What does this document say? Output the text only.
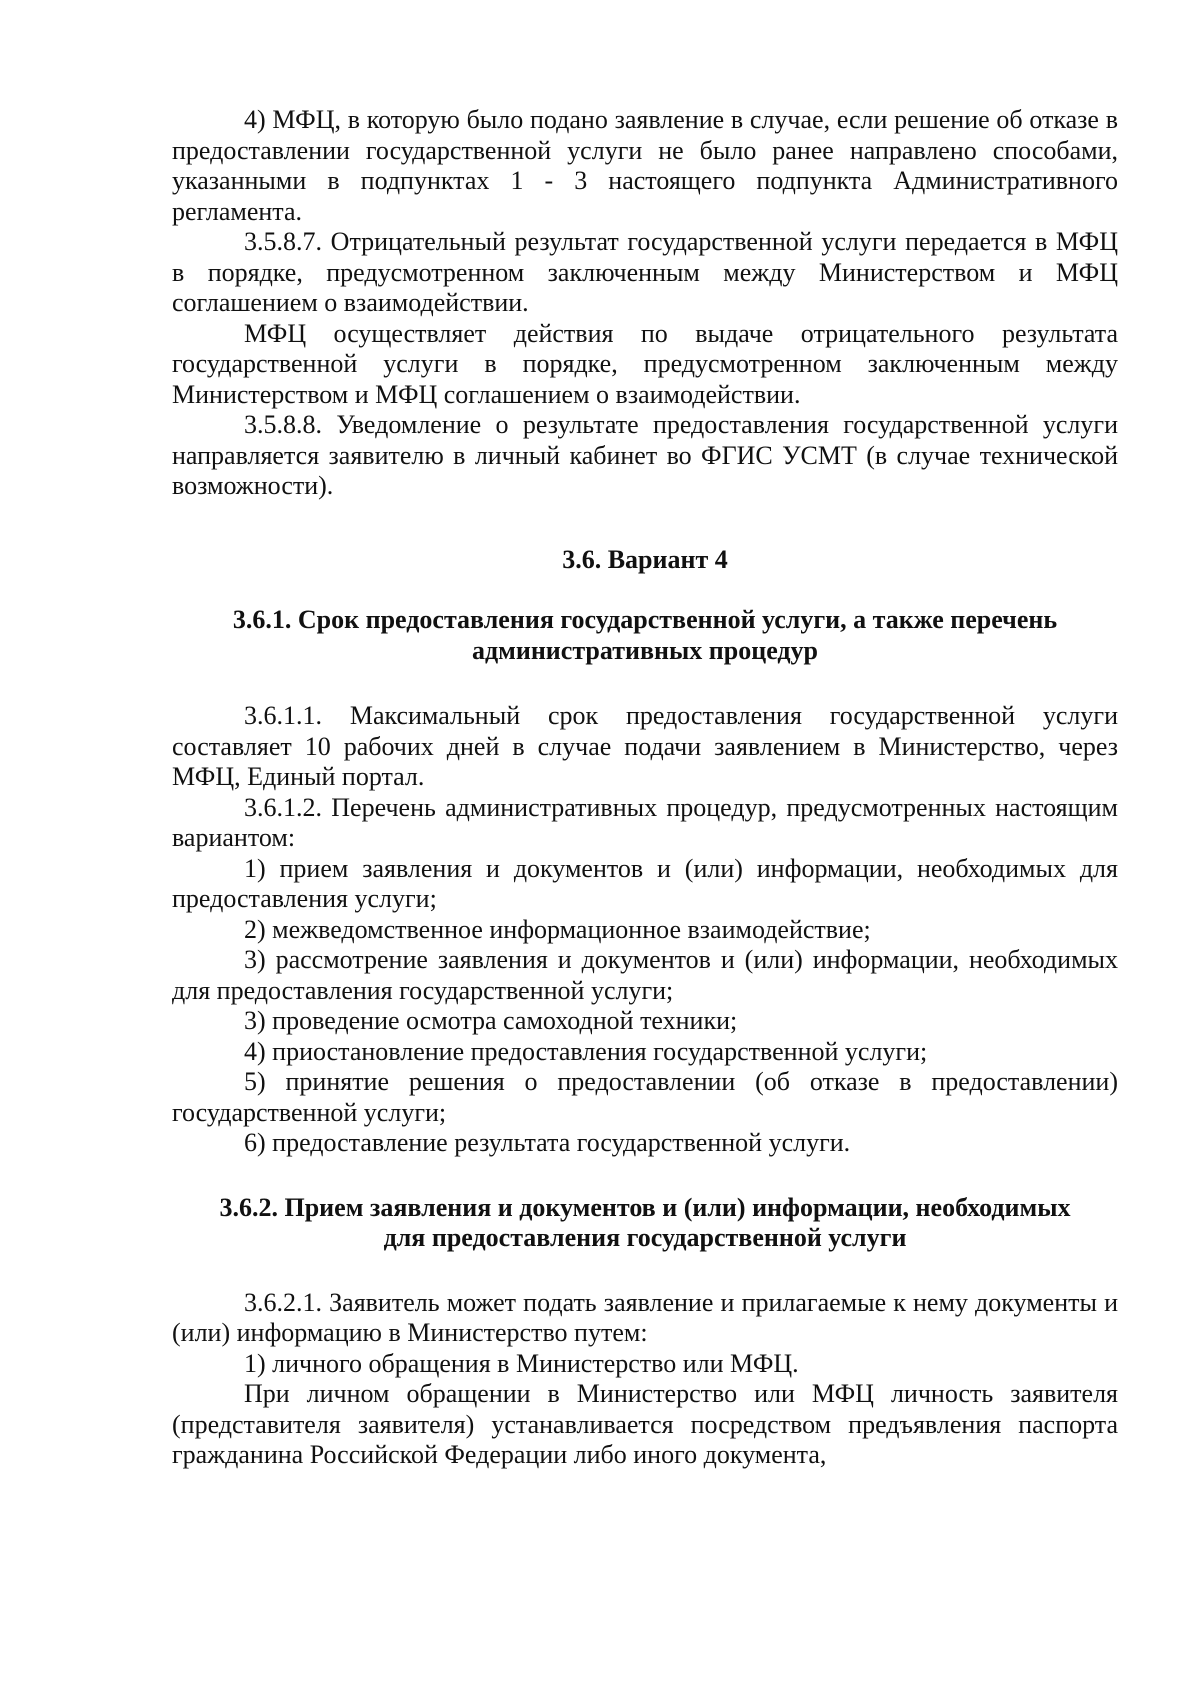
4) МФЦ, в которую было подано заявление в случае, если решение об отказе в предоставлении государственной услуги не было ранее направлено способами, указанными в подпунктах 1 - 3 настоящего подпункта Административного регламента.

3.5.8.7. Отрицательный результат государственной услуги передается в МФЦ в порядке, предусмотренном заключенным между Министерством и МФЦ соглашением о взаимодействии.

МФЦ осуществляет действия по выдаче отрицательного результата государственной услуги в порядке, предусмотренном заключенным между Министерством и МФЦ соглашением о взаимодействии.

3.5.8.8. Уведомление о результате предоставления государственной услуги направляется заявителю в личный кабинет во ФГИС УСМТ (в случае технической возможности).

3.6. Вариант 4

3.6.1. Срок предоставления государственной услуги, а также перечень
административных процедур

3.6.1.1. Максимальный срок предоставления государственной услуги составляет 10 рабочих дней в случае подачи заявлением в Министерство, через МФЦ, Единый портал.

3.6.1.2. Перечень административных процедур, предусмотренных настоящим вариантом:

1) прием заявления и документов и (или) информации, необходимых для предоставления услуги;

2) межведомственное информационное взаимодействие;

3) рассмотрение заявления и документов и (или) информации, необходимых для предоставления государственной услуги;

3) проведение осмотра самоходной техники;

4) приостановление предоставления государственной услуги;

5) принятие решения о предоставлении (об отказе в предоставлении) государственной услуги;

6) предоставление результата государственной услуги.

3.6.2. Прием заявления и документов и (или) информации, необходимых
для предоставления государственной услуги

3.6.2.1. Заявитель может подать заявление и прилагаемые к нему документы и (или) информацию в Министерство путем:

1) личного обращения в Министерство или МФЦ.

При личном обращении в Министерство или МФЦ личность заявителя (представителя заявителя) устанавливается посредством предъявления паспорта гражданина Российской Федерации либо иного документа,
